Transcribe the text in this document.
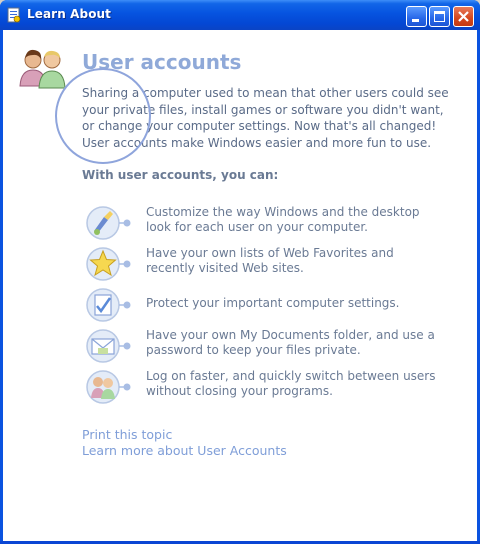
Learn About
User accounts
Sharing a computer used to mean that other users could see your private files, install games or software you didn't want, or change your computer settings. Now that's all changed! User accounts make Windows easier and more fun to use.
With user accounts, you can:
Customize the way Windows and the desktop look for each user on your computer.
Have your own lists of Web Favorites and recently visited Web sites.
Protect your important computer settings.
Have your own My Documents folder, and use a password to keep your files private.
Log on faster, and quickly switch between users without closing your programs.
Print this topic
Learn more about User Accounts
